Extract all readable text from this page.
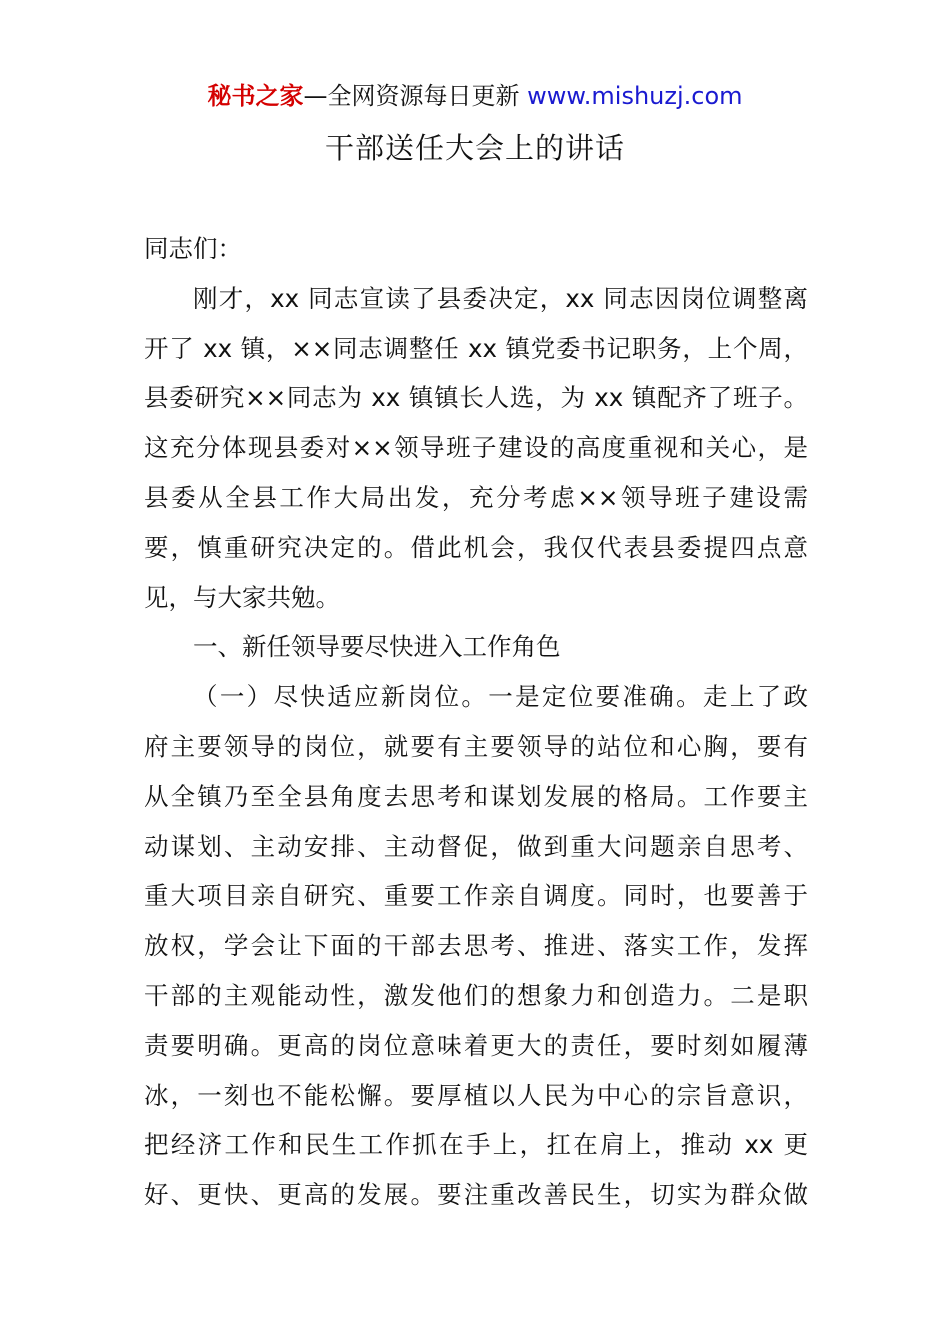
秘书之家—全网资源每日更新 www.mishuzj.com
干部送任大会上的讲话
同志们：
刚才，xx 同志宣读了县委决定，xx 同志因岗位调整离
开了 xx 镇，××同志调整任 xx 镇党委书记职务，上个周，
县委研究××同志为 xx 镇镇长人选，为 xx 镇配齐了班子。
这充分体现县委对××领导班子建设的高度重视和关心，是
县委从全县工作大局出发，充分考虑××领导班子建设需
要，慎重研究决定的。借此机会，我仅代表县委提四点意
见，与大家共勉。
一、新任领导要尽快进入工作角色
（一）尽快适应新岗位。一是定位要准确。走上了政
府主要领导的岗位，就要有主要领导的站位和心胸，要有
从全镇乃至全县角度去思考和谋划发展的格局。工作要主
动谋划、主动安排、主动督促，做到重大问题亲自思考、
重大项目亲自研究、重要工作亲自调度。同时，也要善于
放权，学会让下面的干部去思考、推进、落实工作，发挥
干部的主观能动性，激发他们的想象力和创造力。二是职
责要明确。更高的岗位意味着更大的责任，要时刻如履薄
冰，一刻也不能松懈。要厚植以人民为中心的宗旨意识，
把经济工作和民生工作抓在手上，扛在肩上，推动 xx 更
好、更快、更高的发展。要注重改善民生，切实为群众做
